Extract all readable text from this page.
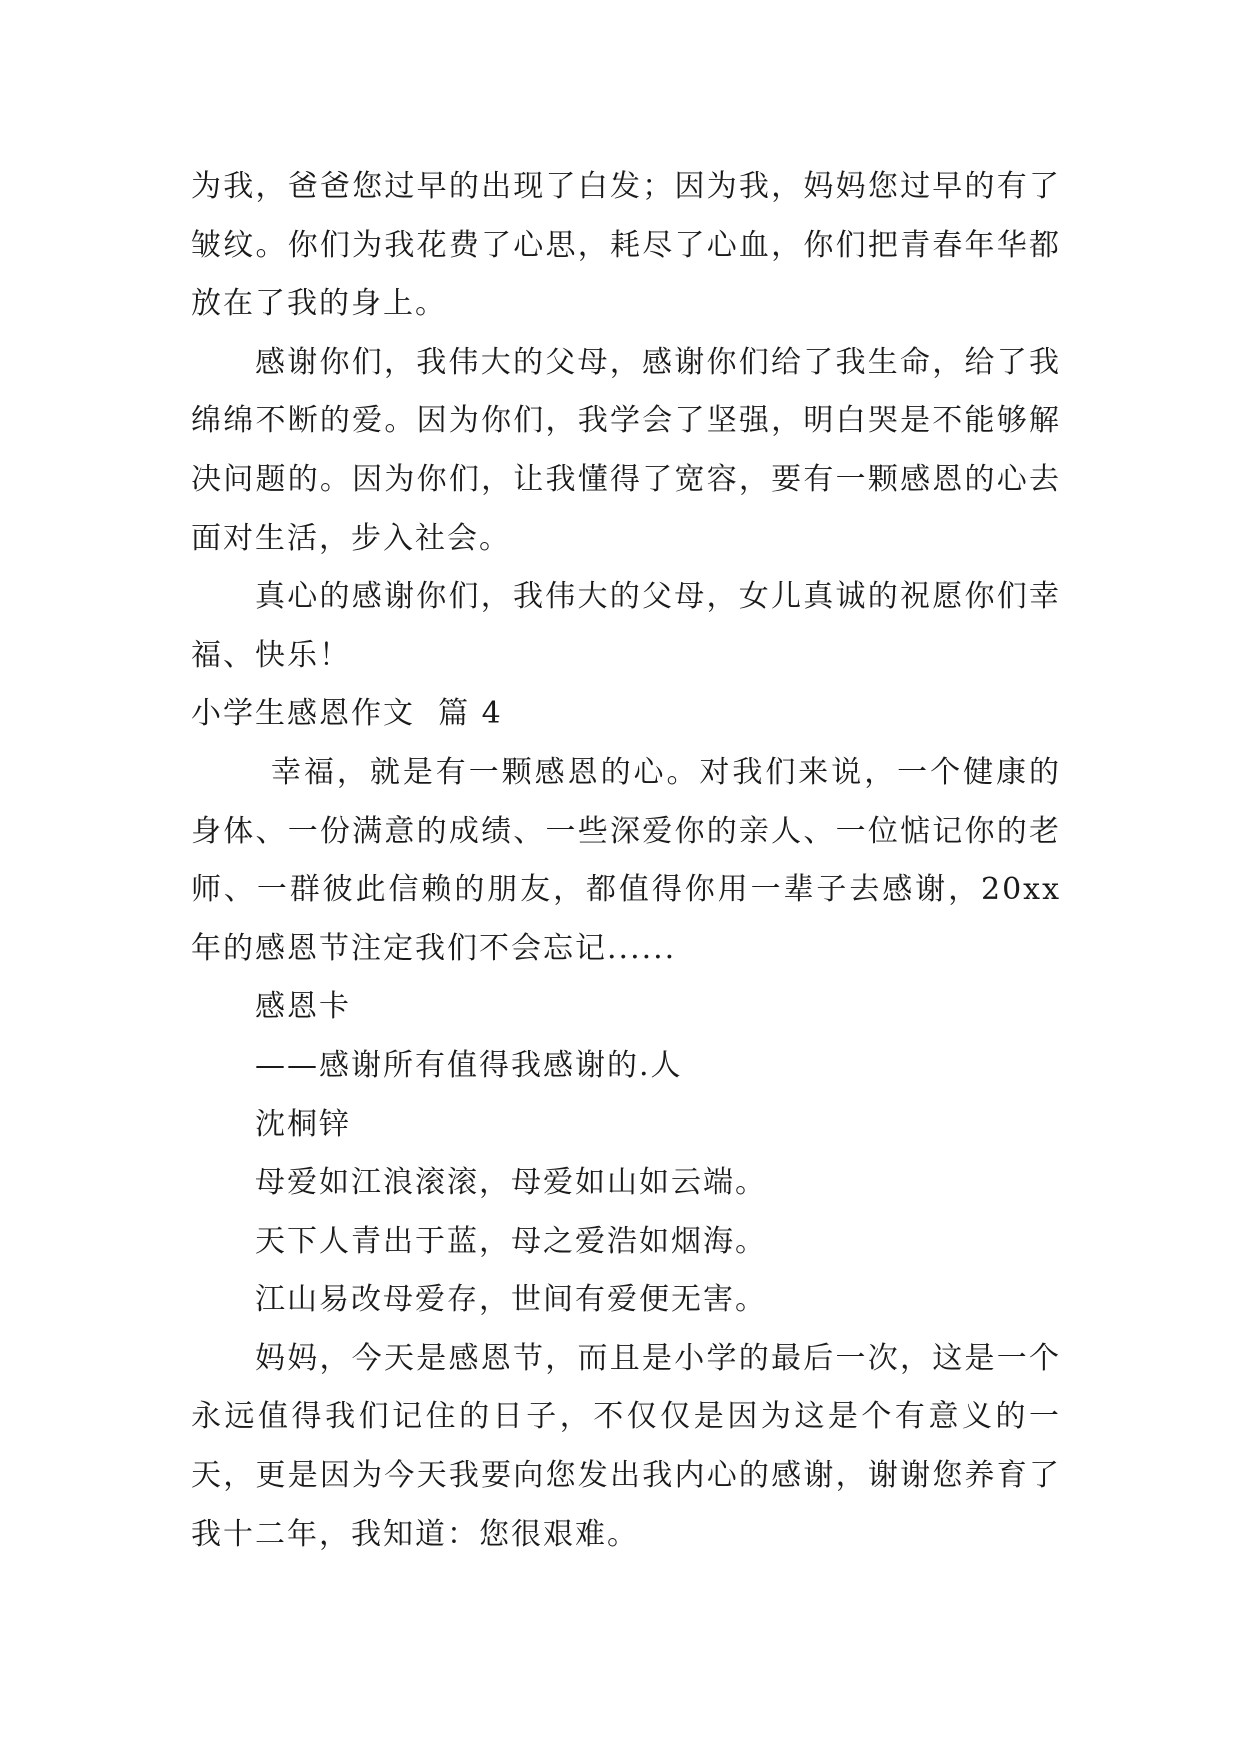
为我，爸爸您过早的出现了白发；因为我，妈妈您过早的有了皱纹。你们为我花费了心思，耗尽了心血，你们把青春年华都放在了我的身上。

感谢你们，我伟大的父母，感谢你们给了我生命，给了我绵绵不断的爱。因为你们，我学会了坚强，明白哭是不能够解决问题的。因为你们，让我懂得了宽容，要有一颗感恩的心去面对生活，步入社会。

真心的感谢你们，我伟大的父母，女儿真诚的祝愿你们幸福、快乐！

小学生感恩作文  篇 4

幸福，就是有一颗感恩的心。对我们来说，一个健康的身体、一份满意的成绩、一些深爱你的亲人、一位惦记你的老师、一群彼此信赖的朋友，都值得你用一辈子去感谢，20xx 年的感恩节注定我们不会忘记......

感恩卡

——感谢所有值得我感谢的.人

沈桐锌

母爱如江浪滚滚，母爱如山如云端。

天下人青出于蓝，母之爱浩如烟海。

江山易改母爱存，世间有爱便无害。

妈妈，今天是感恩节，而且是小学的最后一次，这是一个永远值得我们记住的日子，不仅仅是因为这是个有意义的一天，更是因为今天我要向您发出我内心的感谢，谢谢您养育了我十二年，我知道：您很艰难。
